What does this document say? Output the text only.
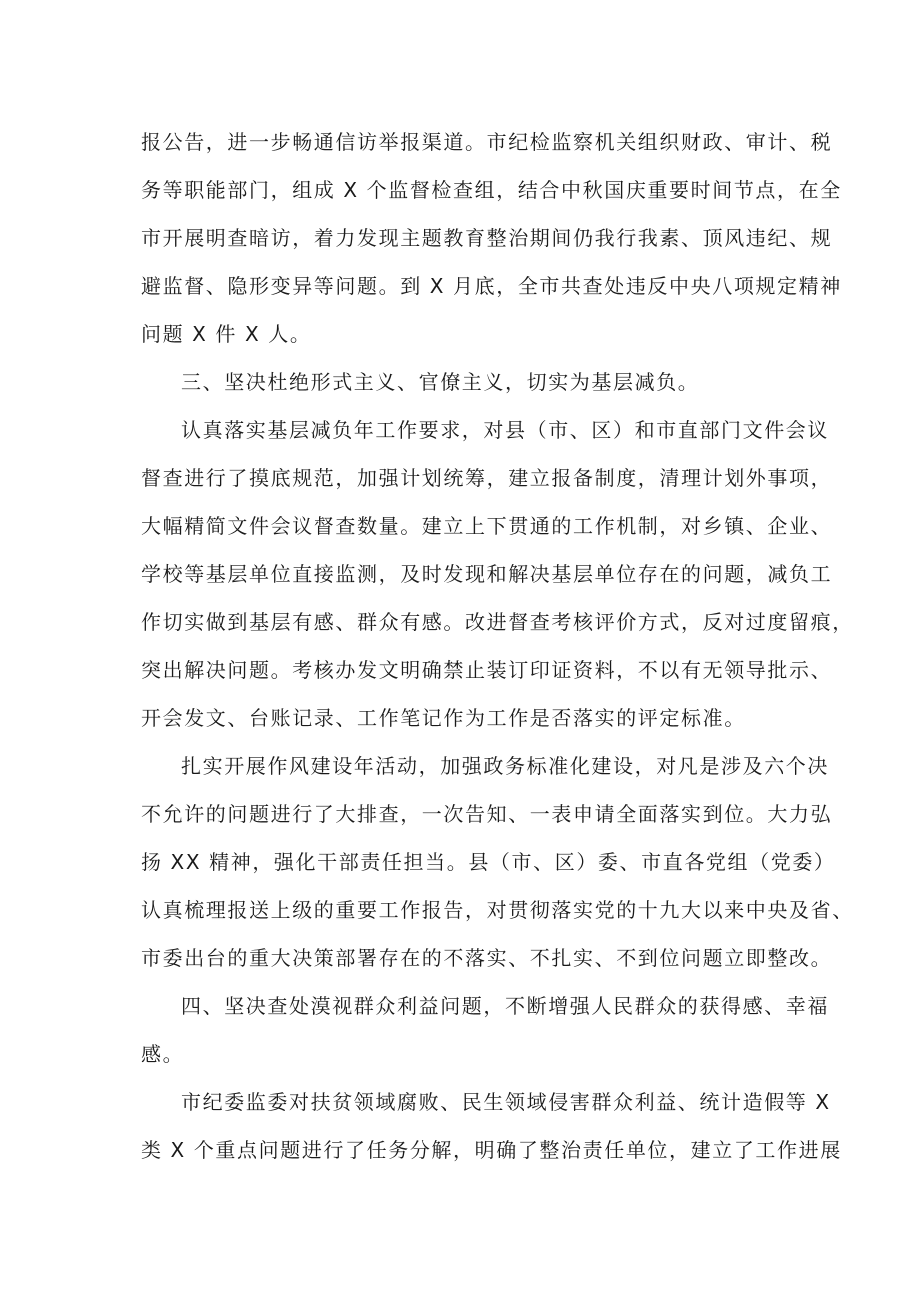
报公告，进一步畅通信访举报渠道。市纪检监察机关组织财政、审计、税
务等职能部门，组成 X 个监督检查组，结合中秋国庆重要时间节点，在全
市开展明查暗访，着力发现主题教育整治期间仍我行我素、顶风违纪、规
避监督、隐形变异等问题。到 X 月底，全市共查处违反中央八项规定精神
问题 X 件 X 人。
三、坚决杜绝形式主义、官僚主义，切实为基层减负。
认真落实基层减负年工作要求，对县（市、区）和市直部门文件会议
督查进行了摸底规范，加强计划统筹，建立报备制度，清理计划外事项，
大幅精简文件会议督查数量。建立上下贯通的工作机制，对乡镇、企业、
学校等基层单位直接监测，及时发现和解决基层单位存在的问题，减负工
作切实做到基层有感、群众有感。改进督查考核评价方式，反对过度留痕，
突出解决问题。考核办发文明确禁止装订印证资料，不以有无领导批示、
开会发文、台账记录、工作笔记作为工作是否落实的评定标准。
扎实开展作风建设年活动，加强政务标准化建设，对凡是涉及六个决
不允许的问题进行了大排查，一次告知、一表申请全面落实到位。大力弘
扬 XX 精神，强化干部责任担当。县（市、区）委、市直各党组（党委）
认真梳理报送上级的重要工作报告，对贯彻落实党的十九大以来中央及省、
市委出台的重大决策部署存在的不落实、不扎实、不到位问题立即整改。
四、坚决查处漠视群众利益问题，不断增强人民群众的获得感、幸福
感。
市纪委监委对扶贫领域腐败、民生领域侵害群众利益、统计造假等 X
类 X 个重点问题进行了任务分解，明确了整治责任单位，建立了工作进展
